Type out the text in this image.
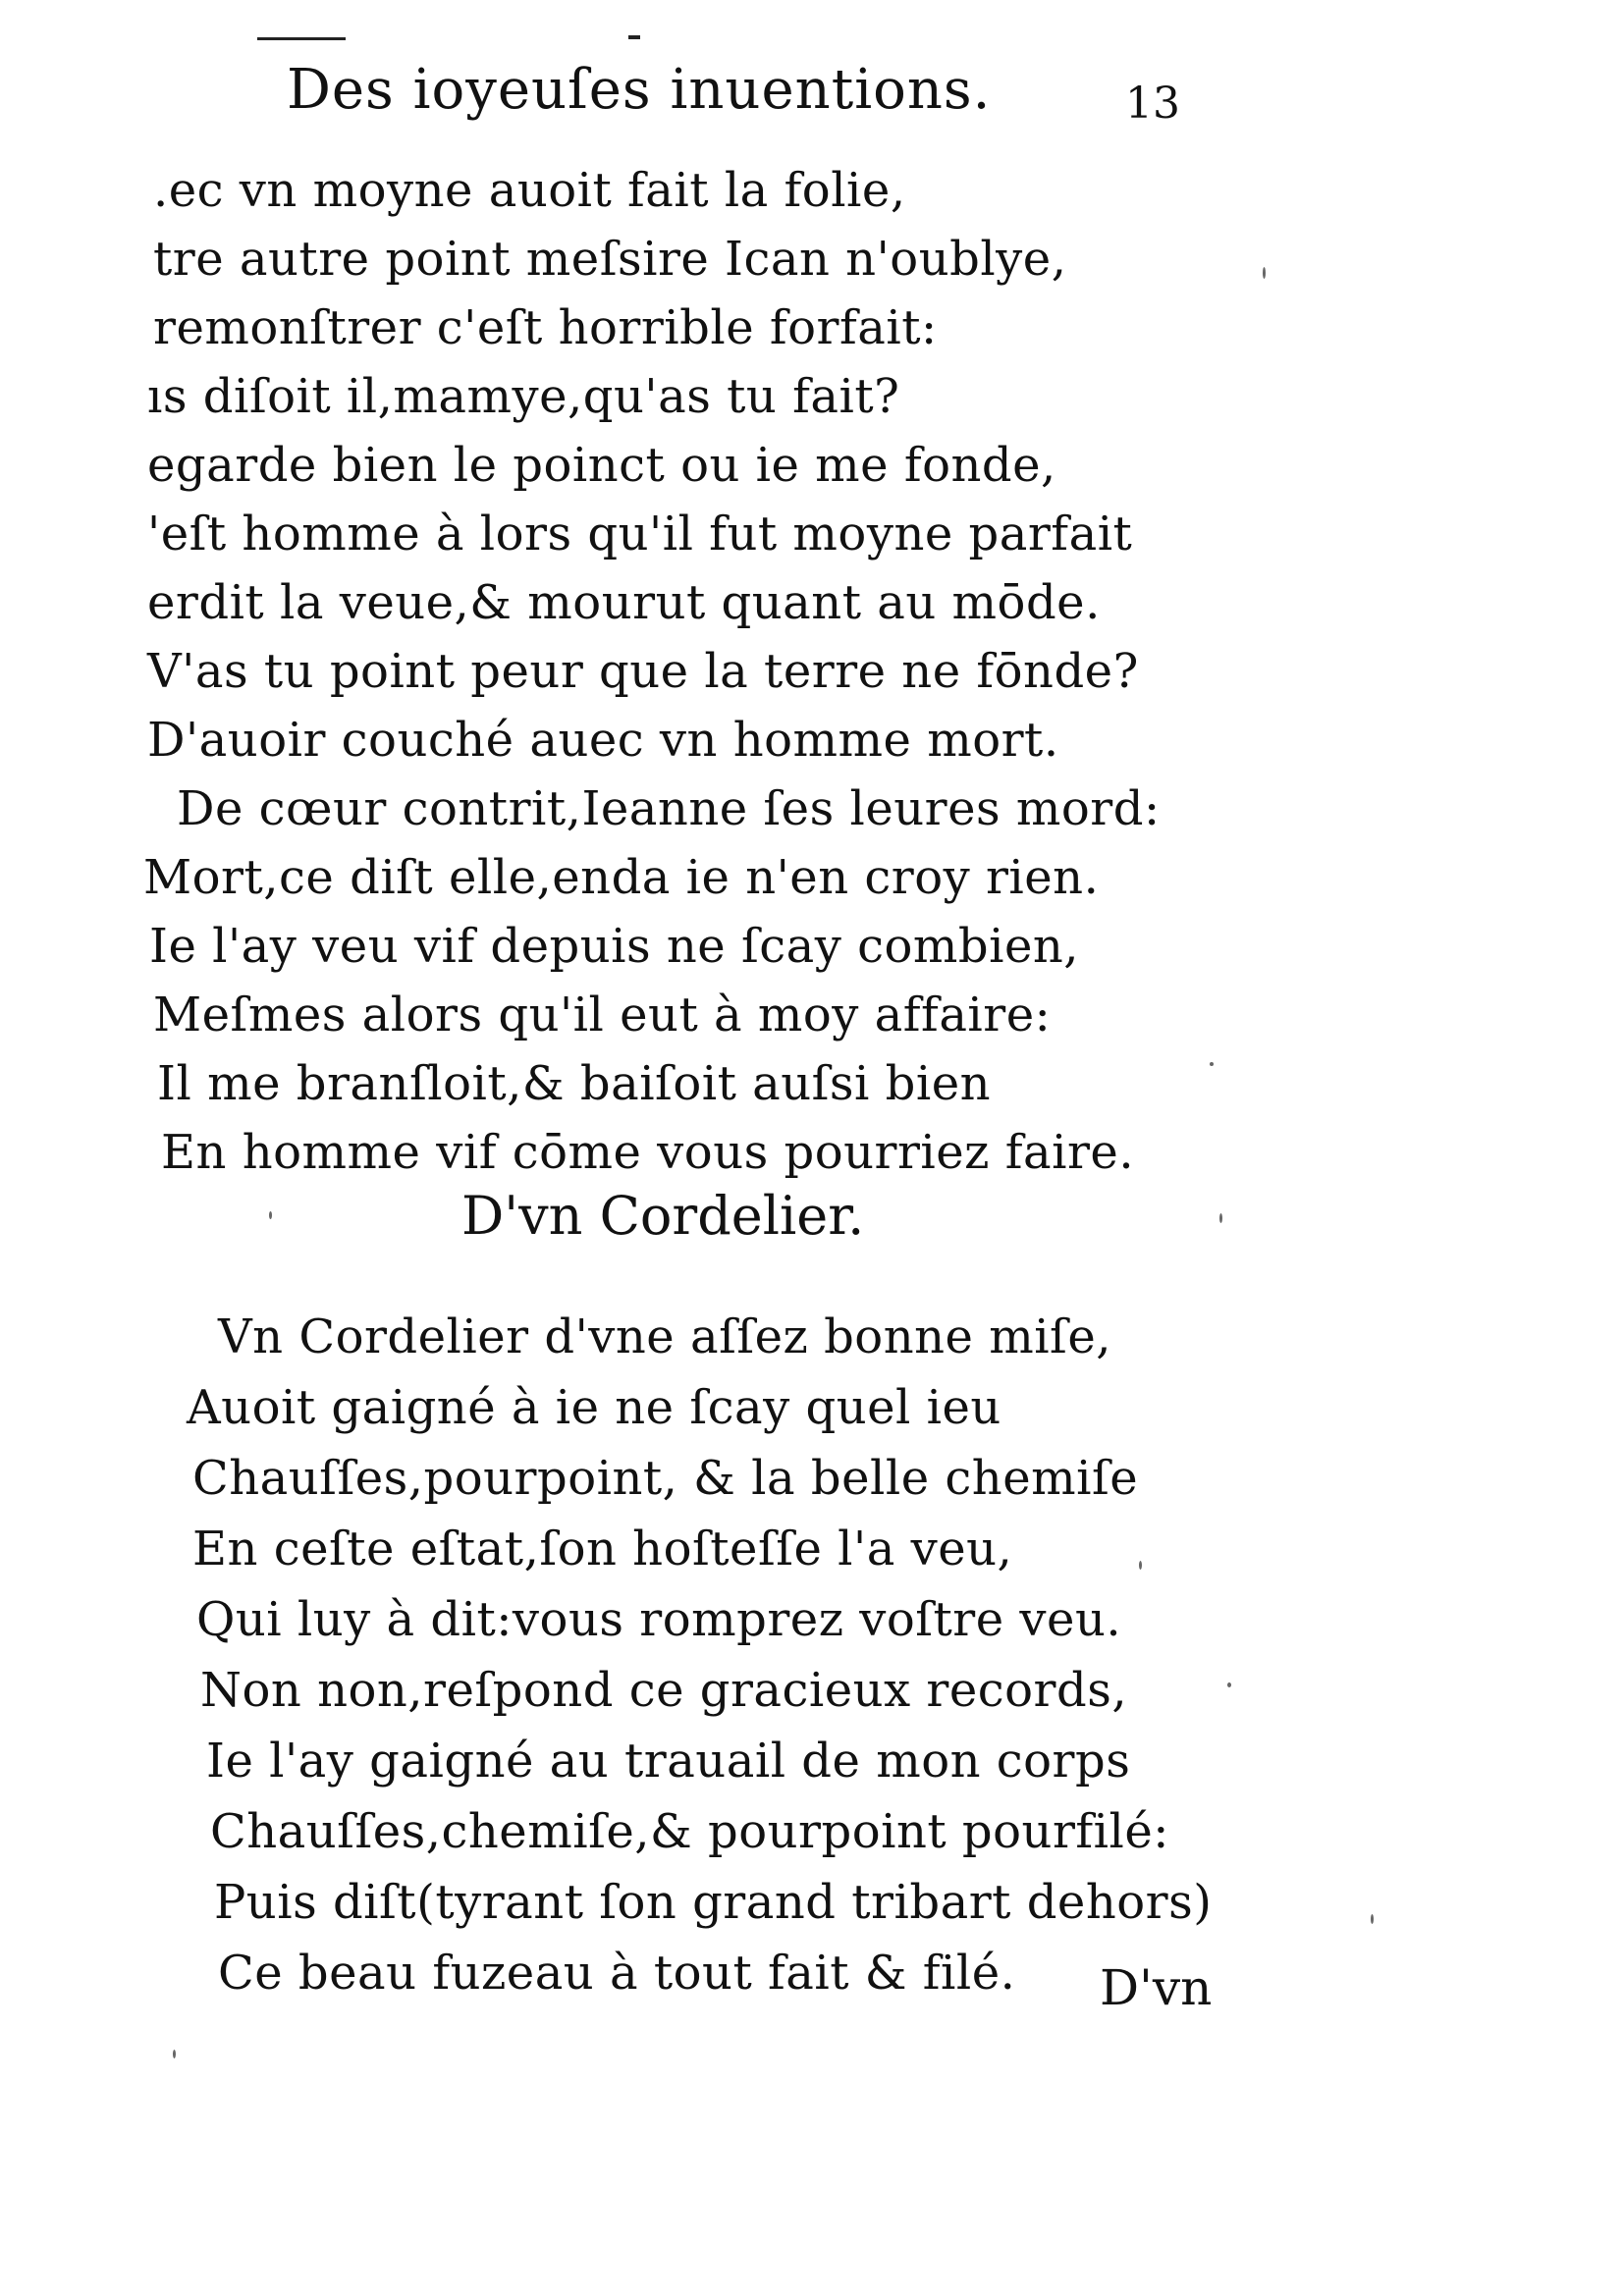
Des ioyeuſes inuentions.	13
.ec vn moyne auoit fait la folie,
tre autre point meſsire Ican n'oublye,
remonſtrer c'eſt horrible forfait:
ıs diſoit il,mamye,qu'as tu fait?
egarde bien le poinct ou ie me fonde,
'eſt homme à lors qu'il fut moyne parfait
erdit la veue,& mourut quant au mōde.
V'as tu point peur que la terre ne fōnde?
D'auoir couché auec vn homme mort.
De cœur contrit,Ieanne ſes leures mord:
Mort,ce diſt elle,enda ie n'en croy rien.
Ie l'ay veu vif depuis ne ſcay combien,
Meſmes alors qu'il eut à moy affaire:
Il me branſloit,& baiſoit auſsi bien
En homme vif cōme vous pourriez faire.
D'vn Cordelier.
Vn Cordelier d'vne aſſez bonne miſe,
Auoit gaigné à ie ne ſcay quel ieu
Chauſſes,pourpoint, & la belle chemiſe
En ceſte eſtat,ſon hoſteſſe l'a veu,
Qui luy à dit:vous romprez voſtre veu.
Non non,reſpond ce gracieux records,
Ie l'ay gaigné au trauail de mon corps
Chauſſes,chemiſe,& pourpoint pourfilé:
Puis diſt(tyrant ſon grand tribart dehors)
Ce beau fuzeau à tout fait & filé. D'vn
